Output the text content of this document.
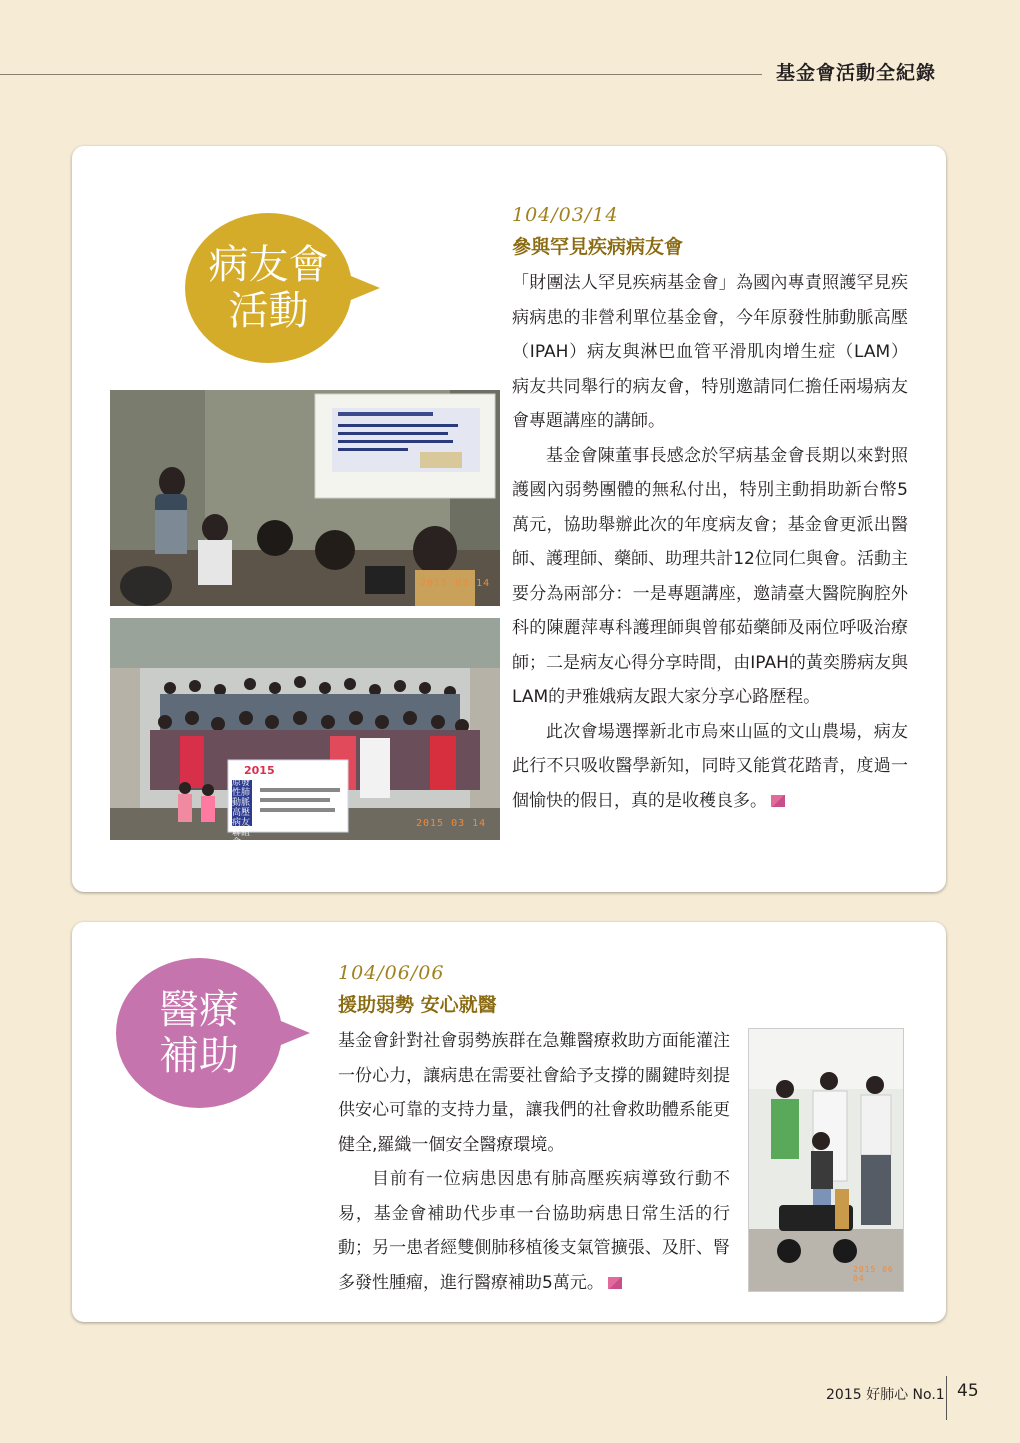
基金會活動全紀錄
病友會
活動
104/03/14
參與罕見疾病病友會

「財團法人罕見疾病基金會」為國內專責照護罕見疾病病患的非營利單位基金會，今年原發性肺動脈高壓（IPAH）病友與淋巴血管平滑肌肉增生症（LAM）病友共同舉行的病友會，特別邀請同仁擔任兩場病友會專題講座的講師。

基金會陳董事長感念於罕病基金會長期以來對照護國內弱勢團體的無私付出，特別主動捐助新台幣5萬元，協助舉辦此次的年度病友會；基金會更派出醫師、護理師、藥師、助理共計12位同仁與會。活動主要分為兩部分：一是專題講座，邀請臺大醫院胸腔外科的陳麗萍專科護理師與曾郁茹藥師及兩位呼吸治療師；二是病友心得分享時間，由IPAH的黃奕勝病友與LAM的尹雅娥病友跟大家分享心路歷程。

此次會場選擇新北市烏來山區的文山農場，病友此行不只吸收醫學新知，同時又能賞花踏青，度過一個愉快的假日，真的是收穫良多。

2015 03 14
2015
原發性肺動脈高壓病友聯誼會
2015 03 14
醫療
補助
104/06/06
援助弱勢 安心就醫

基金會針對社會弱勢族群在急難醫療救助方面能灌注一份心力，讓病患在需要社會給予支撐的關鍵時刻提供安心可靠的支持力量，讓我們的社會救助體系能更健全,羅織一個安全醫療環境。

目前有一位病患因患有肺高壓疾病導致行動不易，基金會補助代步車一台協助病患日常生活的行動；另一患者經雙側肺移植後支氣管擴張、及肝、腎多發性腫瘤，進行醫療補助5萬元。

2015 06 04
2015 好肺心 No.1 45
